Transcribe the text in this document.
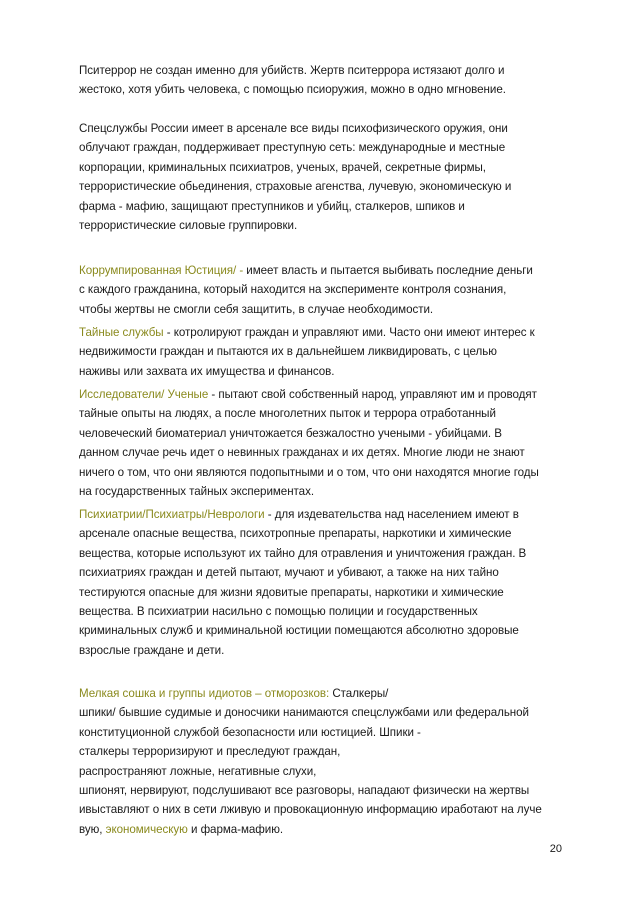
Пситеррор не создан именно для убийств. Жертв пситеррора истязают долго и
жестоко, хотя убить человека, с помощью псиоружия, можно в одно мгновение.

Спецслужбы России имеет в арсенале все виды психофизического оружия, они
облучают граждан, поддерживает преступную сеть: международные и местные
корпорации, криминальных психиатров, ученых, врачей, секретные фирмы,
террористические обьединения, страховые агенства, лучевую, экономическую и
фарма - мафию, защищают преступников и убийц, сталкеров, шпиков и
террористические силовые группировки.

Коррумпированная Юстиция/ - имеет власть и пытается выбивать последние деньги
с каждого гражданина, который находится на эксперименте контроля сознания,
чтобы жертвы не смогли себя защитить, в случае необходимости.

Тайные службы - котролируют граждан и управляют ими. Часто они имеют интерес к
недвижимости граждан и пытаются их в дальнейшем ликвидировать, с целью
наживы или захвата их имущества и финансов.

Исследователи/ Ученые - пытают свой собственный народ, управляют им и проводят
тайные опыты на людях, а после многолетних пыток и террора отработанный
человеческий биоматериал уничтожается безжалостно учеными - убийцами. В
данном случае речь идет о невинных гражданах и их детях. Многие люди не знают
ничего о том, что они являются подопытными и о том, что они находятся многие годы
на государственных тайных экспериментах.

Психиатрии/Психиатры/Неврологи - для издевательства над населением имеют в
арсенале опасные вещества, психотропные препараты, наркотики и химические
вещества, которые используют их тайно для отравления и уничтожения граждан. В
психиатриях граждан и детей пытают, мучают и убивают, а также на них тайно
тестируются опасные для жизни ядовитые препараты, наркотики и химические
вещества. В психиатрии насильно с помощью полиции и государственных
криминальных служб и криминальной юстиции помещаются абсолютно здоровые
взрослые граждане и дети.

Мелкая сошка и группы идиотов – отморозков: Сталкеры/
шпики/ бывшие судимые и доносчики нанимаются спецслужбами или федеральной
конституционной службой безопасности или юстицией. Шпики -
сталкеры терроризируют и преследуют граждан,
распространяют ложные, негативные слухи,
шпионят, нервируют, подслушивают все разговоры, нападают физически на жертвы
ивыставляют о них в сети лживую и провокационную информацию иработают на луче
вую, экономическую и фарма-мафию.

20
